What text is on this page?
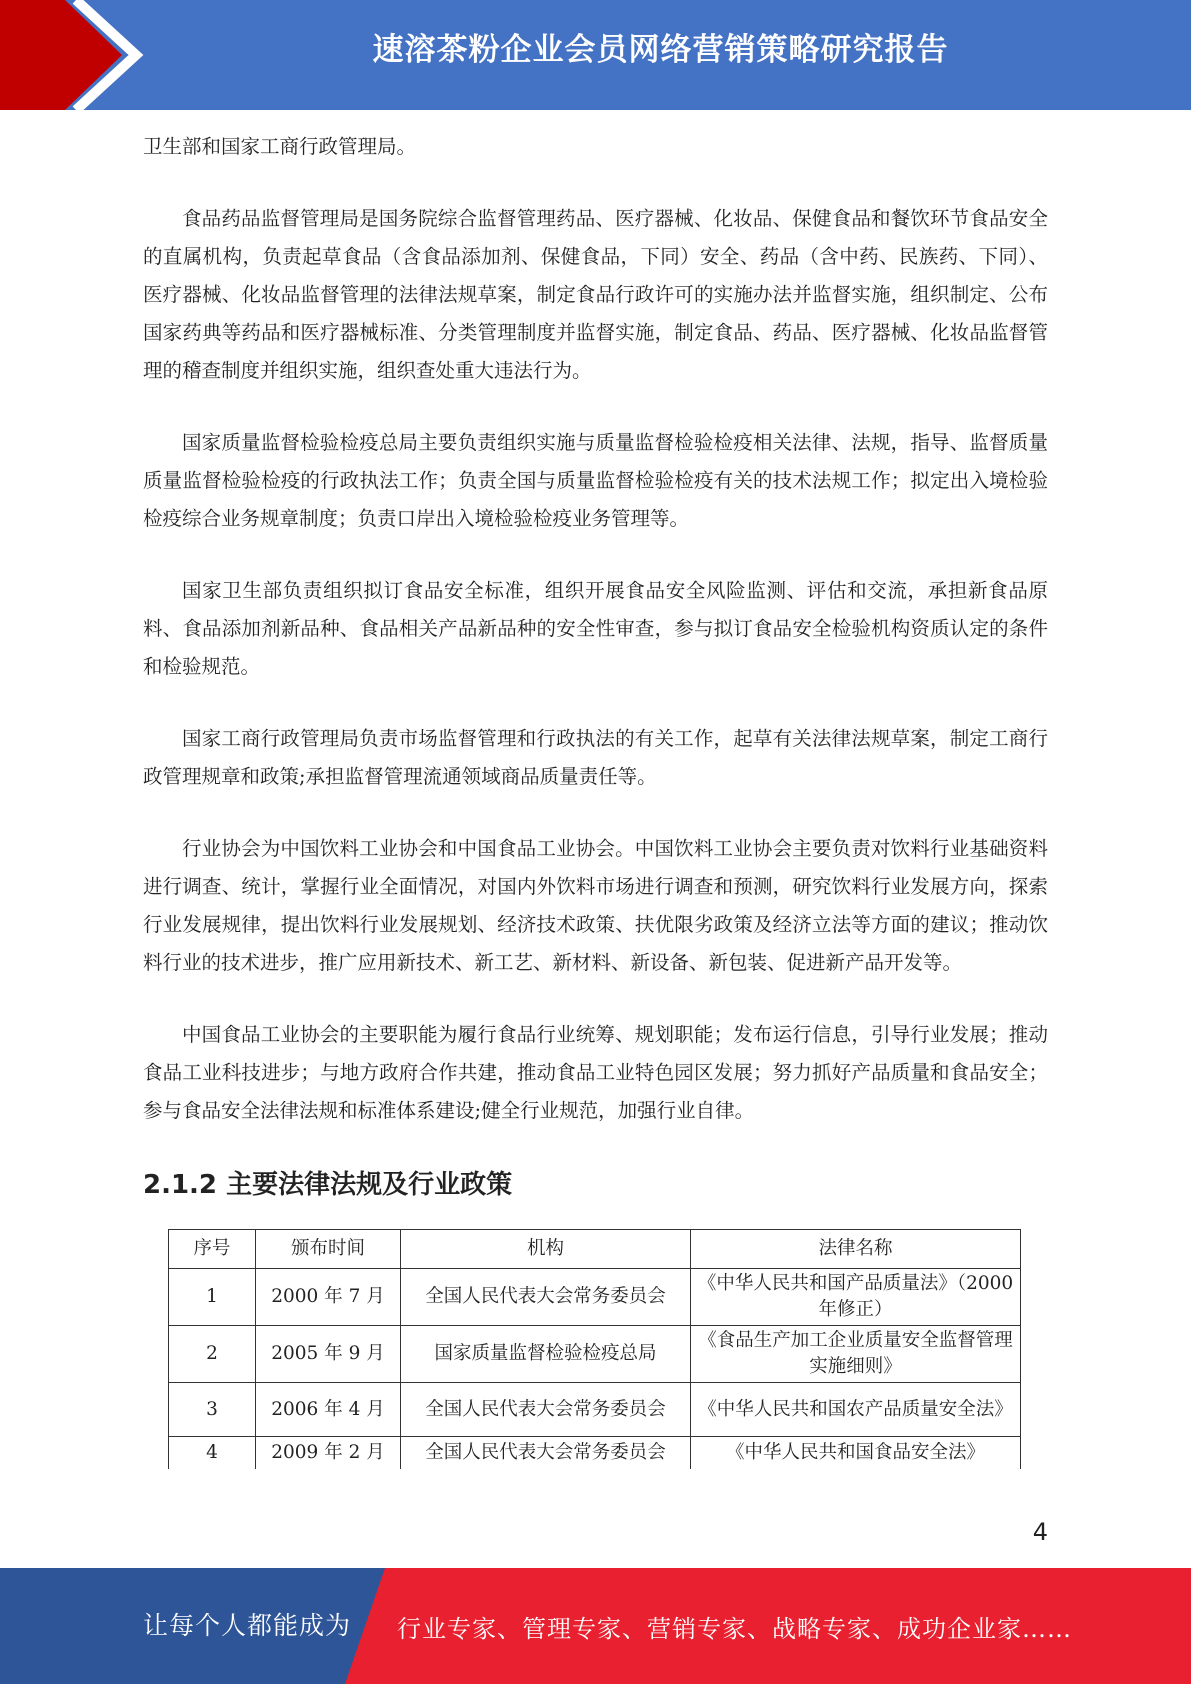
速溶茶粉企业会员网络营销策略研究报告

卫生部和国家工商行政管理局。

食品药品监督管理局是国务院综合监督管理药品、医疗器械、化妆品、保健食品和餐饮环节食品安全的直属机构，负责起草食品（含食品添加剂、保健食品，下同）安全、药品（含中药、民族药、下同）、医疗器械、化妆品监督管理的法律法规草案，制定食品行政许可的实施办法并监督实施，组织制定、公布国家药典等药品和医疗器械标准、分类管理制度并监督实施，制定食品、药品、医疗器械、化妆品监督管理的稽查制度并组织实施，组织查处重大违法行为。

国家质量监督检验检疫总局主要负责组织实施与质量监督检验检疫相关法律、法规，指导、监督质量质量监督检验检疫的行政执法工作；负责全国与质量监督检验检疫有关的技术法规工作；拟定出入境检验检疫综合业务规章制度；负责口岸出入境检验检疫业务管理等。

国家卫生部负责组织拟订食品安全标准，组织开展食品安全风险监测、评估和交流，承担新食品原料、食品添加剂新品种、食品相关产品新品种的安全性审查，参与拟订食品安全检验机构资质认定的条件和检验规范。

国家工商行政管理局负责市场监督管理和行政执法的有关工作，起草有关法律法规草案，制定工商行政管理规章和政策;承担监督管理流通领域商品质量责任等。

行业协会为中国饮料工业协会和中国食品工业协会。中国饮料工业协会主要负责对饮料行业基础资料进行调查、统计，掌握行业全面情况，对国内外饮料市场进行调查和预测，研究饮料行业发展方向，探索行业发展规律，提出饮料行业发展规划、经济技术政策、扶优限劣政策及经济立法等方面的建议；推动饮料行业的技术进步，推广应用新技术、新工艺、新材料、新设备、新包装、促进新产品开发等。

中国食品工业协会的主要职能为履行食品行业统筹、规划职能；发布运行信息，引导行业发展；推动食品工业科技进步；与地方政府合作共建，推动食品工业特色园区发展；努力抓好产品质量和食品安全；参与食品安全法律法规和标准体系建设;健全行业规范，加强行业自律。

2.1.2 主要法律法规及行业政策
序号	颁布时间	机构	法律名称
1	2000 年 7 月	全国人民代表大会常务委员会	《中华人民共和国产品质量法》（2000 年修正）
2	2005 年 9 月	国家质量监督检验检疫总局	《食品生产加工企业质量安全监督管理实施细则》
3	2006 年 4 月	全国人民代表大会常务委员会	《中华人民共和国农产品质量安全法》
4	2009 年 2 月	全国人民代表大会常务委员会	《中华人民共和国食品安全法》
4
让每个人都能成为 行业专家、管理专家、营销专家、战略专家、成功企业家……
